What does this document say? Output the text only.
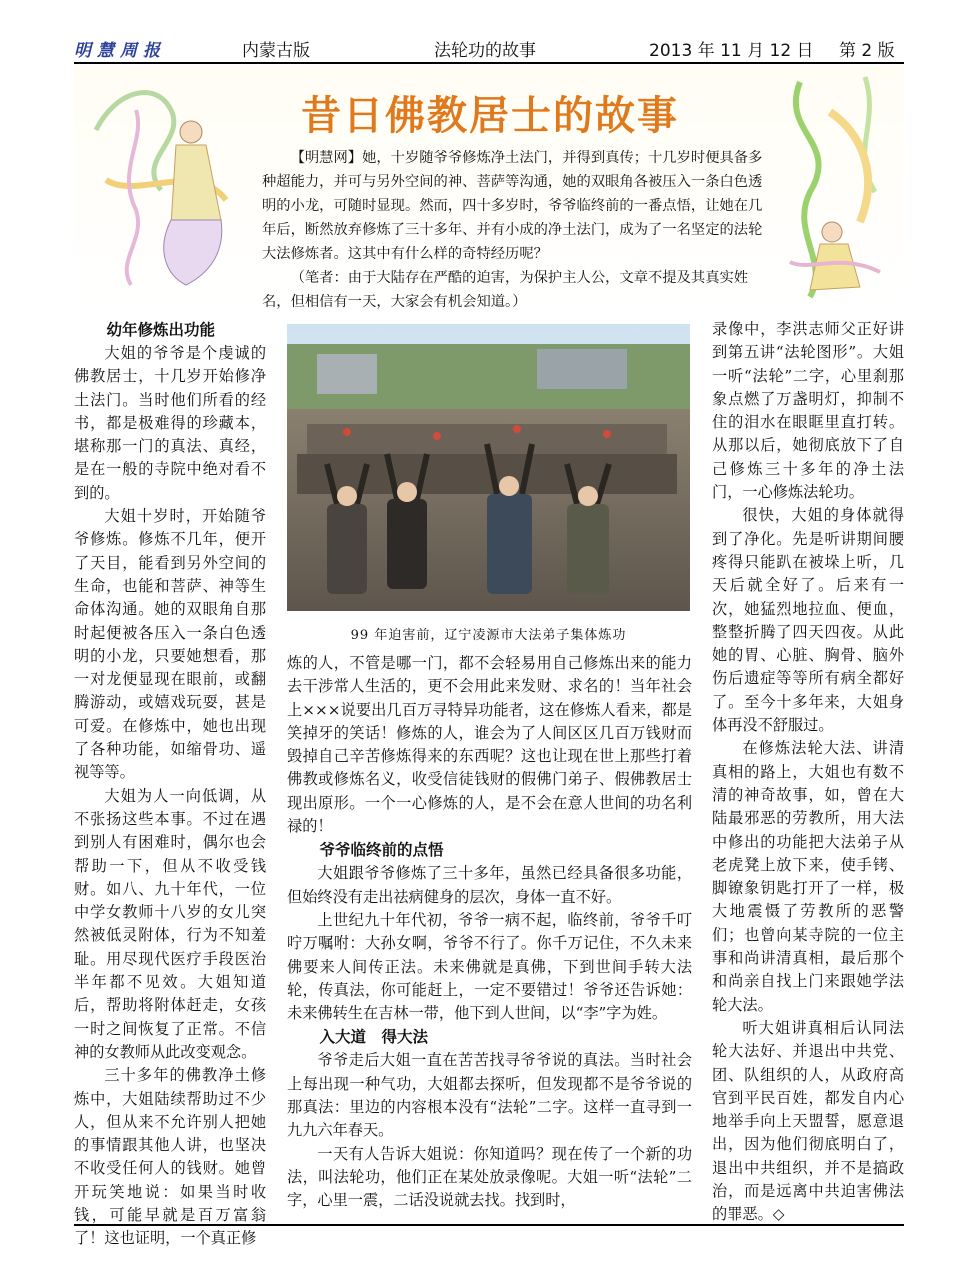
明慧周报	内蒙古版	法轮功的故事	2013 年 11 月 12 日 第 2 版
昔日佛教居士的故事

【明慧网】她，十岁随爷爷修炼净土法门，并得到真传；十几岁时便具备多种超能力，并可与另外空间的神、菩萨等沟通，她的双眼角各被压入一条白色透明的小龙，可随时显现。然而，四十多岁时，爷爷临终前的一番点悟，让她在几年后，断然放弃修炼了三十多年、并有小成的净土法门，成为了一名坚定的法轮大法修炼者。这其中有什么样的奇特经历呢？

（笔者：由于大陆存在严酷的迫害，为保护主人公，文章不提及其真实姓名，但相信有一天，大家会有机会知道。）

幼年修炼出功能

大姐的爷爷是个虔诚的佛教居士，十几岁开始修净土法门。当时他们所看的经书，都是极难得的珍藏本，堪称那一门的真法、真经，是在一般的寺院中绝对看不到的。

大姐十岁时，开始随爷爷修炼。修炼不几年，便开了天目，能看到另外空间的生命，也能和菩萨、神等生命体沟通。她的双眼角自那时起便被各压入一条白色透明的小龙，只要她想看，那一对龙便显现在眼前，或翻腾游动，或嬉戏玩耍，甚是可爱。在修炼中，她也出现了各种功能，如缩骨功、遥视等等。

大姐为人一向低调，从不张扬这些本事。不过在遇到别人有困难时，偶尔也会帮助一下，但从不收受钱财。如八、九十年代，一位中学女教师十八岁的女儿突然被低灵附体，行为不知羞耻。用尽现代医疗手段医治半年都不见效。大姐知道后，帮助将附体赶走，女孩一时之间恢复了正常。不信神的女教师从此改变观念。

三十多年的佛教净土修炼中，大姐陆续帮助过不少人，但从来不允许别人把她的事情跟其他人讲，也坚决不收受任何人的钱财。她曾开玩笑地说：如果当时收钱，可能早就是百万富翁了！这也证明，一个真正修

99 年迫害前，辽宁凌源市大法弟子集体炼功

炼的人，不管是哪一门，都不会轻易用自己修炼出来的能力去干涉常人生活的，更不会用此来发财、求名的！当年社会上×××说要出几百万寻特异功能者，这在修炼人看来，都是笑掉牙的笑话！修炼的人，谁会为了人间区区几百万钱财而毁掉自己辛苦修炼得来的东西呢？这也让现在世上那些打着佛教或修炼名义，收受信徒钱财的假佛门弟子、假佛教居士现出原形。一个一心修炼的人，是不会在意人世间的功名利禄的！

爷爷临终前的点悟

大姐跟爷爷修炼了三十多年，虽然已经具备很多功能，但始终没有走出祛病健身的层次，身体一直不好。

上世纪九十年代初，爷爷一病不起，临终前，爷爷千叮咛万嘱咐：大孙女啊，爷爷不行了。你千万记住，不久未来佛要来人间传正法。未来佛就是真佛，下到世间手转大法轮，传真法，你可能赶上，一定不要错过！爷爷还告诉她：未来佛转生在吉林一带，他下到人世间，以“李”字为姓。

入大道　得大法

爷爷走后大姐一直在苦苦找寻爷爷说的真法。当时社会上每出现一种气功，大姐都去探听，但发现都不是爷爷说的那真法：里边的内容根本没有“法轮”二字。这样一直寻到一九九六年春天。

一天有人告诉大姐说：你知道吗？现在传了一个新的功法，叫法轮功，他们正在某处放录像呢。大姐一听“法轮”二字，心里一震，二话没说就去找。找到时，

录像中，李洪志师父正好讲到第五讲“法轮图形”。大姐一听“法轮”二字，心里刹那象点燃了万盏明灯，抑制不住的泪水在眼眶里直打转。从那以后，她彻底放下了自己修炼三十多年的净土法门，一心修炼法轮功。

很快，大姐的身体就得到了净化。先是听讲期间腰疼得只能趴在被垛上听，几天后就全好了。后来有一次，她猛烈地拉血、便血，整整折腾了四天四夜。从此她的胃、心脏、胸骨、脑外伤后遗症等等所有病全都好了。至今十多年来，大姐身体再没不舒服过。

在修炼法轮大法、讲清真相的路上，大姐也有数不清的神奇故事，如，曾在大陆最邪恶的劳教所，用大法中修出的功能把大法弟子从老虎凳上放下来，使手铐、脚镣象钥匙打开了一样，极大地震慑了劳教所的恶警们；也曾向某寺院的一位主事和尚讲清真相，最后那个和尚亲自找上门来跟她学法轮大法。

听大姐讲真相后认同法轮大法好、并退出中共党、团、队组织的人，从政府高官到平民百姓，都发自内心地举手向上天盟誓，愿意退出，因为他们彻底明白了，退出中共组织，并不是搞政治，而是远离中共迫害佛法的罪恶。◇
